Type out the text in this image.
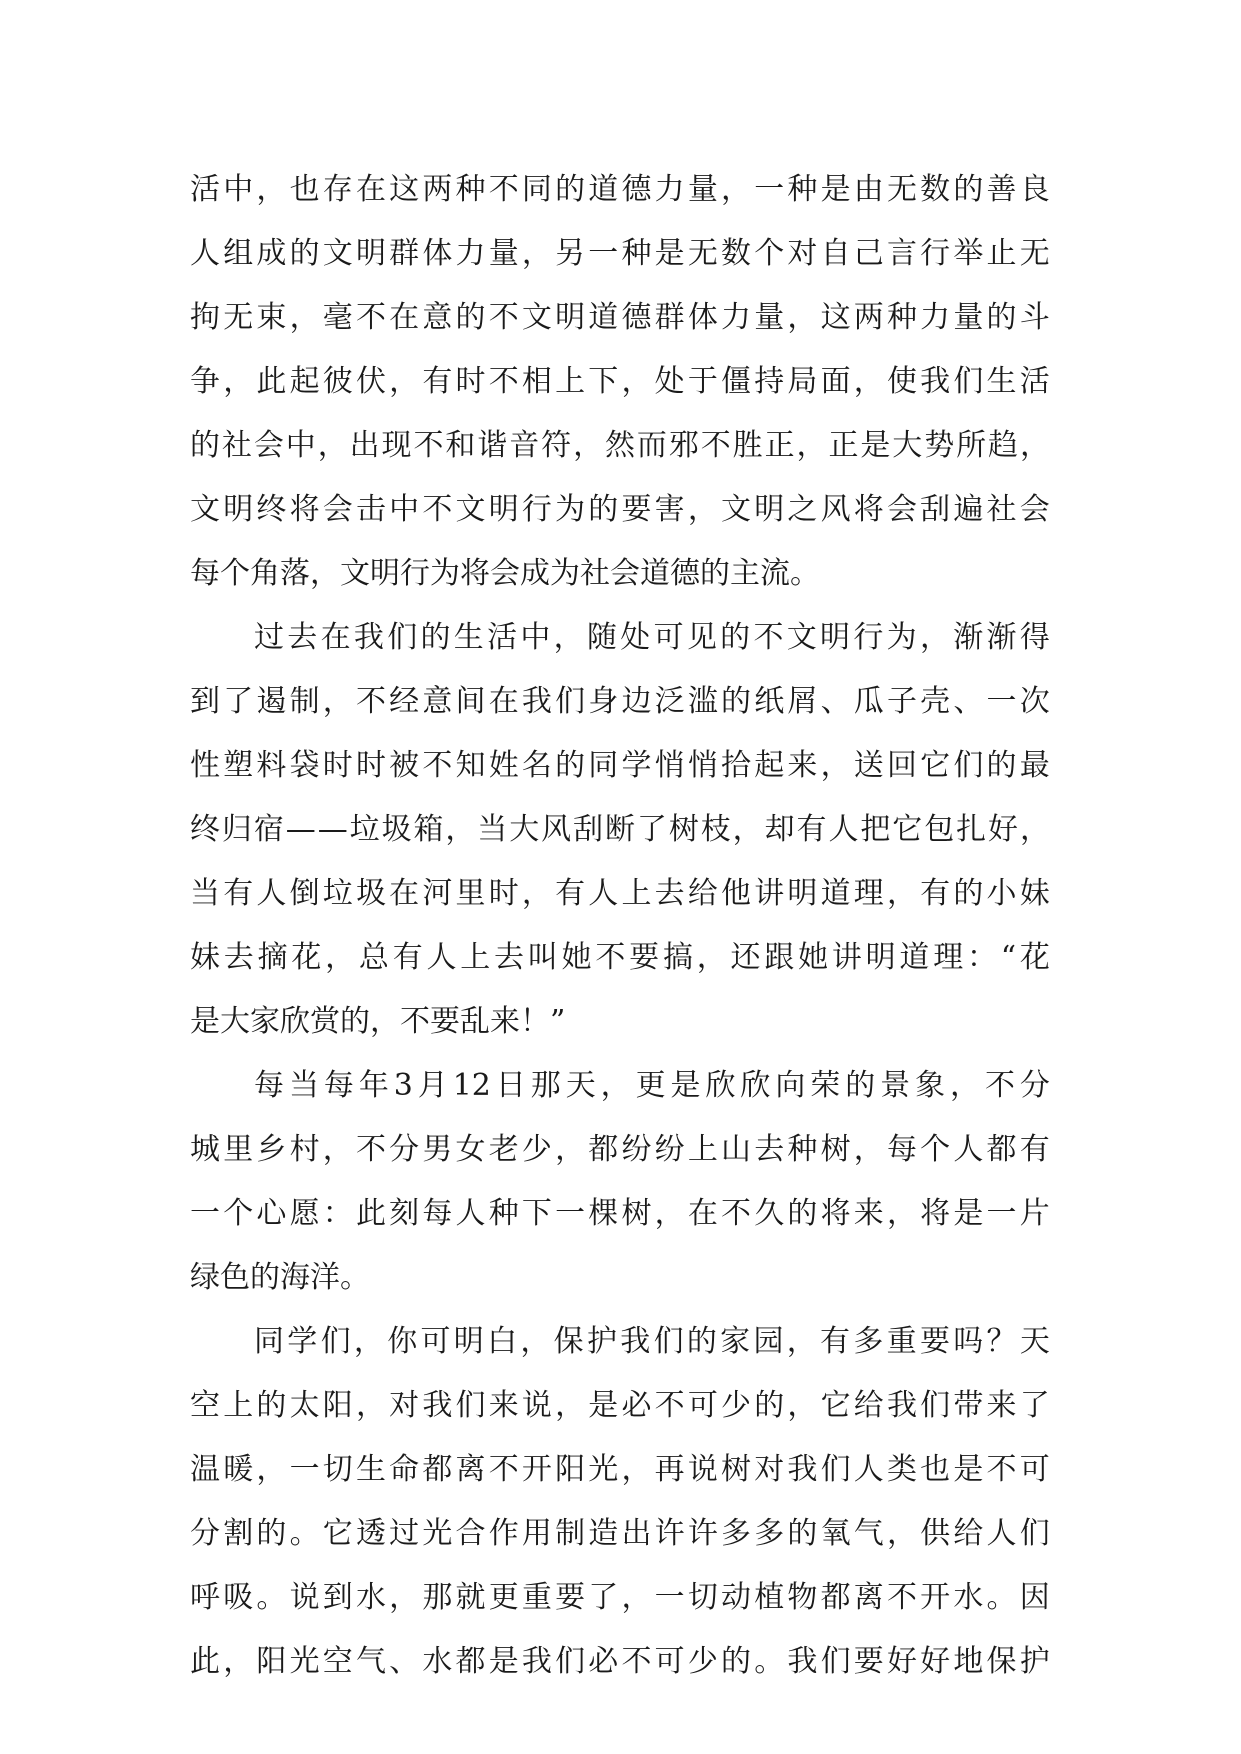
活 中 ， 也 存 在 这 两 种 不 同 的 道 德 力 量 ， 一 种 是 由 无 数 的 善 良
人 组 成 的 文 明 群 体 力 量 ， 另 一 种 是 无 数 个 对 自 己 言 行 举 止 无
拘 无 束 ， 毫 不 在 意 的 不 文 明 道 德 群 体 力 量 ， 这 两 种 力 量 的 斗
争 ， 此 起 彼 伏 ， 有 时 不 相 上 下 ， 处 于 僵 持 局 面 ， 使 我 们 生 活
的 社 会 中 ， 出 现 不 和 谐 音 符 ， 然 而 邪 不 胜 正 ， 正 是 大 势 所 趋 ，
文 明 终 将 会 击 中 不 文 明 行 为 的 要 害 ， 文 明 之 风 将 会 刮 遍 社 会
每个角落，文明行为将会成为社会道德的主流。
过 去 在 我 们 的 生 活 中 ， 随 处 可 见 的 不 文 明 行 为 ， 渐 渐 得
到 了 遏 制 ， 不 经 意 间 在 我 们 身 边 泛 滥 的 纸 屑 、 瓜 子 壳 、 一 次
性 塑 料 袋 时 时 被 不 知 姓 名 的 同 学 悄 悄 拾 起 来 ， 送 回 它 们 的 最
终 归 宿 — — 垃 圾 箱 ， 当 大 风 刮 断 了 树 枝 ， 却 有 人 把 它 包 扎 好 ，
当 有 人 倒 垃 圾 在 河 里 时 ， 有 人 上 去 给 他 讲 明 道 理 ， 有 的 小 妹
妹 去 摘 花 ， 总 有 人 上 去 叫 她 不 要 搞 ， 还 跟 她 讲 明 道 理 ： “ 花
是大家欣赏的，不要乱来！”
每 当 每 年 3 月 12 日 那 天 ， 更 是 欣 欣 向 荣 的 景 象 ， 不 分
城 里 乡 村 ， 不 分 男 女 老 少 ， 都 纷 纷 上 山 去 种 树 ， 每 个 人 都 有
一 个 心 愿 ： 此 刻 每 人 种 下 一 棵 树 ， 在 不 久 的 将 来 ， 将 是 一 片
绿色的海洋。
同 学 们 ， 你 可 明 白 ， 保 护 我 们 的 家 园 ， 有 多 重 要 吗 ？ 天
空 上 的 太 阳 ， 对 我 们 来 说 ， 是 必 不 可 少 的 ， 它 给 我 们 带 来 了
温 暖 ， 一 切 生 命 都 离 不 开 阳 光 ， 再 说 树 对 我 们 人 类 也 是 不 可
分 割 的 。 它 透 过 光 合 作 用 制 造 出 许 许 多 多 的 氧 气 ， 供 给 人 们
呼 吸 。 说 到 水 ， 那 就 更 重 要 了 ， 一 切 动 植 物 都 离 不 开 水 。 因
此 ， 阳 光 空 气 、 水 都 是 我 们 必 不 可 少 的 。 我 们 要 好 好 地 保 护
